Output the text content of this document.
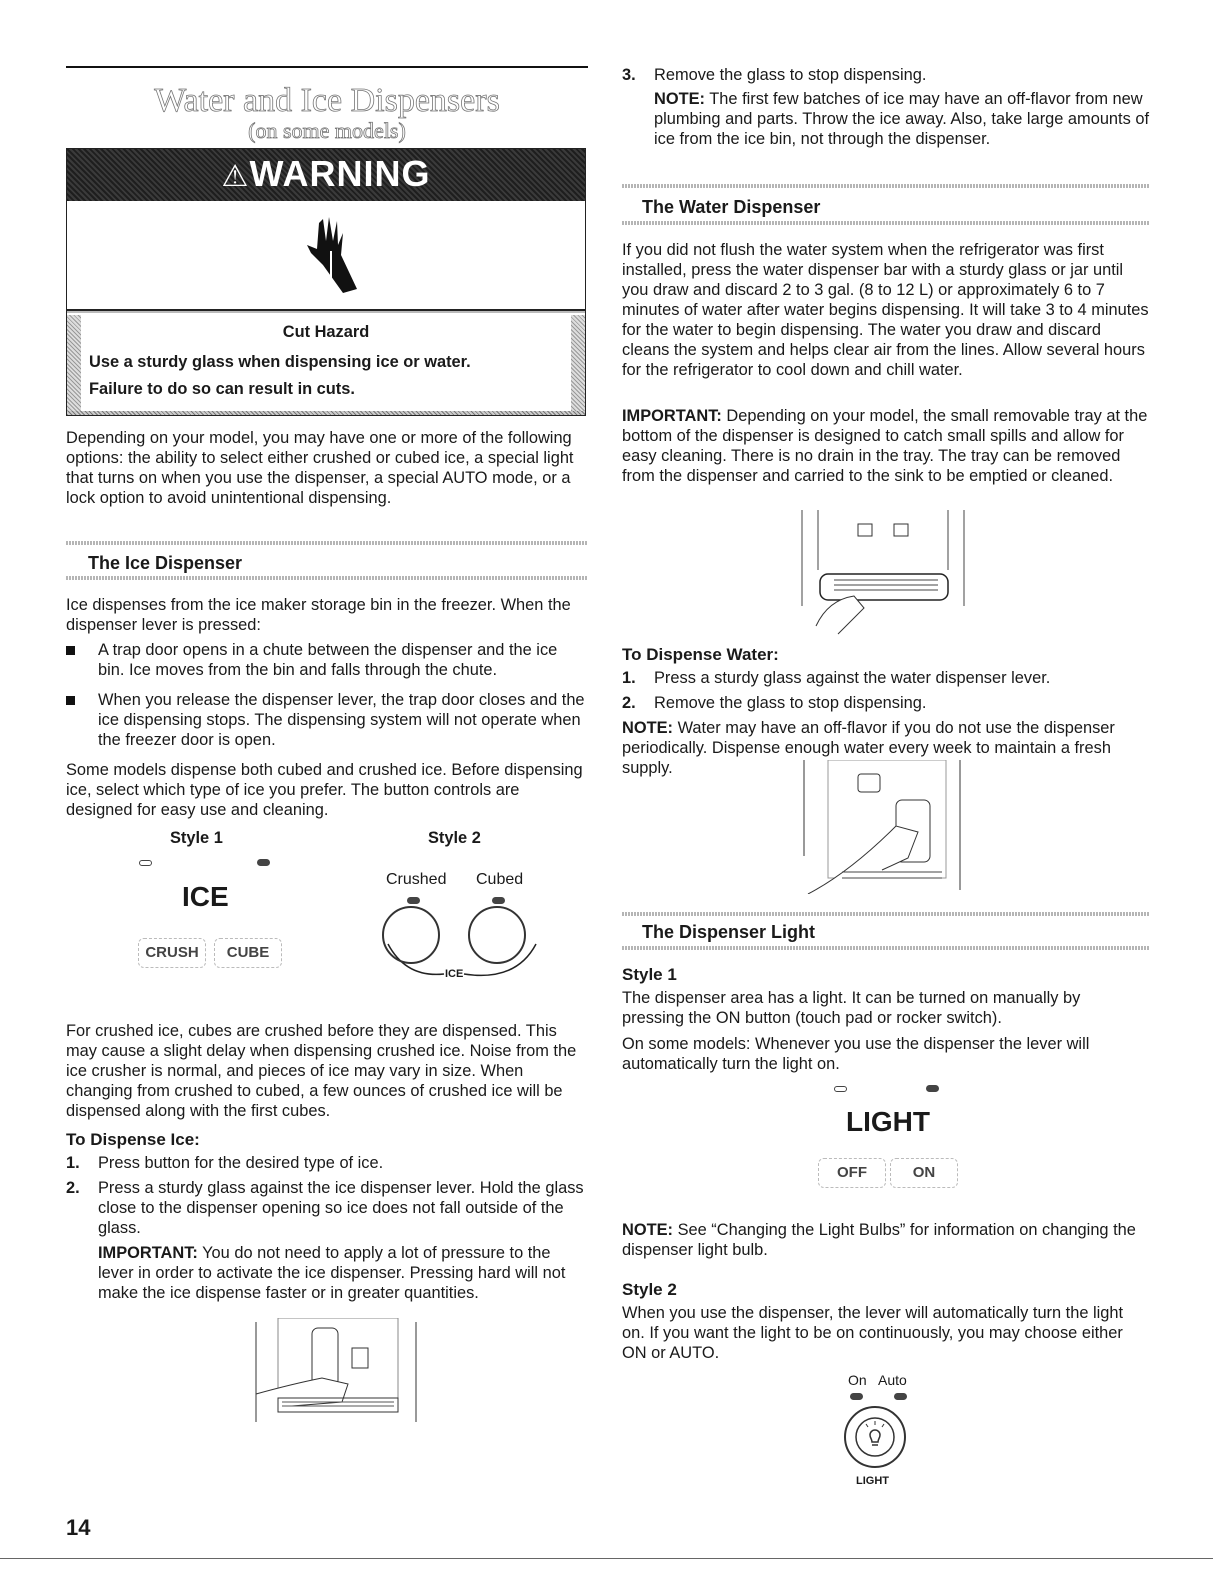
Water and Ice Dispensers
(on some models)
⚠WARNING

Cut Hazard

Use a sturdy glass when dispensing ice or water.

Failure to do so can result in cuts.

Depending on your model, you may have one or more of the following options: the ability to select either crushed or cubed ice, a special light that turns on when you use the dispenser, a special AUTO mode, or a lock option to avoid unintentional dispensing.

The Ice Dispenser

Ice dispenses from the ice maker storage bin in the freezer. When the dispenser lever is pressed:

A trap door opens in a chute between the dispenser and the ice bin. Ice moves from the bin and falls through the chute.

When you release the dispenser lever, the trap door closes and the ice dispensing stops. The dispensing system will not operate when the freezer door is open.

Some models dispense both cubed and crushed ice. Before dispensing ice, select which type of ice you prefer. The button controls are designed for easy use and cleaning.

Style 1	Style 2

ICE
CRUSH	CUBE
Crushed Cubed
ICE

For crushed ice, cubes are crushed before they are dispensed. This may cause a slight delay when dispensing crushed ice. Noise from the ice crusher is normal, and pieces of ice may vary in size. When changing from crushed to cubed, a few ounces of crushed ice will be dispensed along with the first cubes.

To Dispense Ice:

1. Press button for the desired type of ice.

2. Press a sturdy glass against the ice dispenser lever. Hold the glass close to the dispenser opening so ice does not fall outside of the glass.

IMPORTANT: You do not need to apply a lot of pressure to the lever in order to activate the ice dispenser. Pressing hard will not make the ice dispense faster or in greater quantities.

14

3. Remove the glass to stop dispensing.

NOTE: The first few batches of ice may have an off-flavor from new plumbing and parts. Throw the ice away. Also, take large amounts of ice from the ice bin, not through the dispenser.

The Water Dispenser

If you did not flush the water system when the refrigerator was first installed, press the water dispenser bar with a sturdy glass or jar until you draw and discard 2 to 3 gal. (8 to 12 L) or approximately 6 to 7 minutes of water after water begins dispensing. It will take 3 to 4 minutes for the water to begin dispensing. The water you draw and discard cleans the system and helps clear air from the lines. Allow several hours for the refrigerator to cool down and chill water.

IMPORTANT: Depending on your model, the small removable tray at the bottom of the dispenser is designed to catch small spills and allow for easy cleaning. There is no drain in the tray. The tray can be removed from the dispenser and carried to the sink to be emptied or cleaned.

To Dispense Water:

1. Press a sturdy glass against the water dispenser lever.

2. Remove the glass to stop dispensing.

NOTE: Water may have an off-flavor if you do not use the dispenser periodically. Dispense enough water every week to maintain a fresh supply.

The Dispenser Light

Style 1

The dispenser area has a light. It can be turned on manually by pressing the ON button (touch pad or rocker switch).

On some models: Whenever you use the dispenser the lever will automatically turn the light on.

LIGHT
OFF	ON

NOTE: See “Changing the Light Bulbs” for information on changing the dispenser light bulb.

Style 2

When you use the dispenser, the lever will automatically turn the light on. If you want the light to be on continuously, you may choose either ON or AUTO.

On Auto
LIGHT
